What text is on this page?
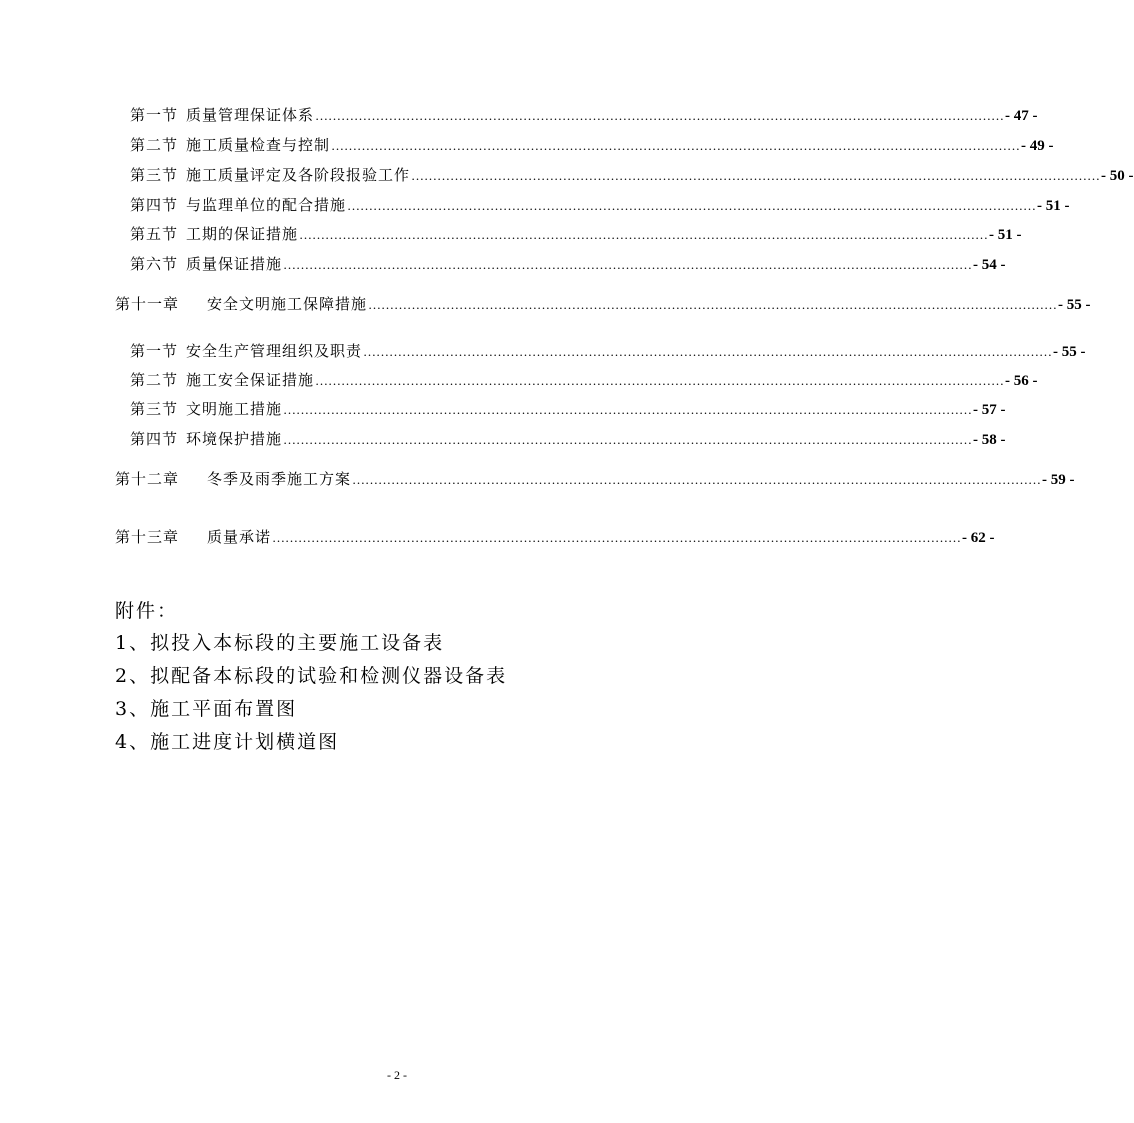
第一节 质量管理保证体系 …………………………………………………………………………………………………………………………………………… - 47 -
第二节 施工质量检查与控制 …………………………………………………………………………………………………………………………………………… - 49 -
第三节 施工质量评定及各阶段报验工作 …………………………………………………………………………………………………………………………………………… - 50 -
第四节 与监理单位的配合措施 …………………………………………………………………………………………………………………………………………… - 51 -
第五节 工期的保证措施 …………………………………………………………………………………………………………………………………………… - 51 -
第六节 质量保证措施 …………………………………………………………………………………………………………………………………………… - 54 -
第十一章 安全文明施工保障措施 …………………………………………………………………………………………………………………………………………… - 55 -
第一节 安全生产管理组织及职责 …………………………………………………………………………………………………………………………………………… - 55 -
第二节 施工安全保证措施 …………………………………………………………………………………………………………………………………………… - 56 -
第三节 文明施工措施 …………………………………………………………………………………………………………………………………………… - 57 -
第四节 环境保护措施 …………………………………………………………………………………………………………………………………………… - 58 -
第十二章 冬季及雨季施工方案 …………………………………………………………………………………………………………………………………………… - 59 -
第十三章 质量承诺 …………………………………………………………………………………………………………………………………………… - 62 -
附件：
1、拟投入本标段的主要施工设备表
2、拟配备本标段的试验和检测仪器设备表
3、施工平面布置图
4、施工进度计划横道图
- 2 -
